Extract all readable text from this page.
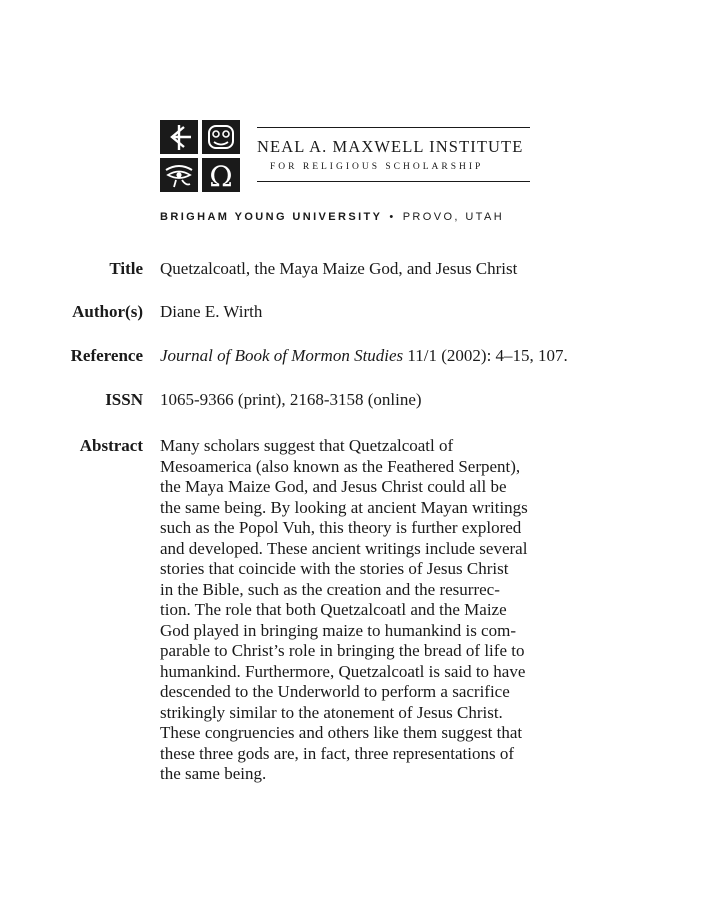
Ω
NEAL A. MAXWELL INSTITUTE
FOR RELIGIOUS SCHOLARSHIP
BRIGHAM YOUNG UNIVERSITY • PROVO, UTAH
Title Quetzalcoatl, the Maya Maize God, and Jesus Christ
Author(s) Diane E. Wirth
Reference Journal of Book of Mormon Studies 11/1 (2002): 4–15, 107.
ISSN 1065-9366 (print), 2168-3158 (online)
Abstract Many scholars suggest that Quetzalcoatl of
Mesoamerica (also known as the Feathered Serpent),
the Maya Maize God, and Jesus Christ could all be
the same being. By looking at ancient Mayan writings
such as the Popol Vuh, this theory is further explored
and developed. These ancient writings include several
stories that coincide with the stories of Jesus Christ
in the Bible, such as the creation and the resurrec-
tion. The role that both Quetzalcoatl and the Maize
God played in bringing maize to humankind is com-
parable to Christ’s role in bringing the bread of life to
humankind. Furthermore, Quetzalcoatl is said to have
descended to the Underworld to perform a sacrifice
strikingly similar to the atonement of Jesus Christ.
These congruencies and others like them suggest that
these three gods are, in fact, three representations of
the same being.
